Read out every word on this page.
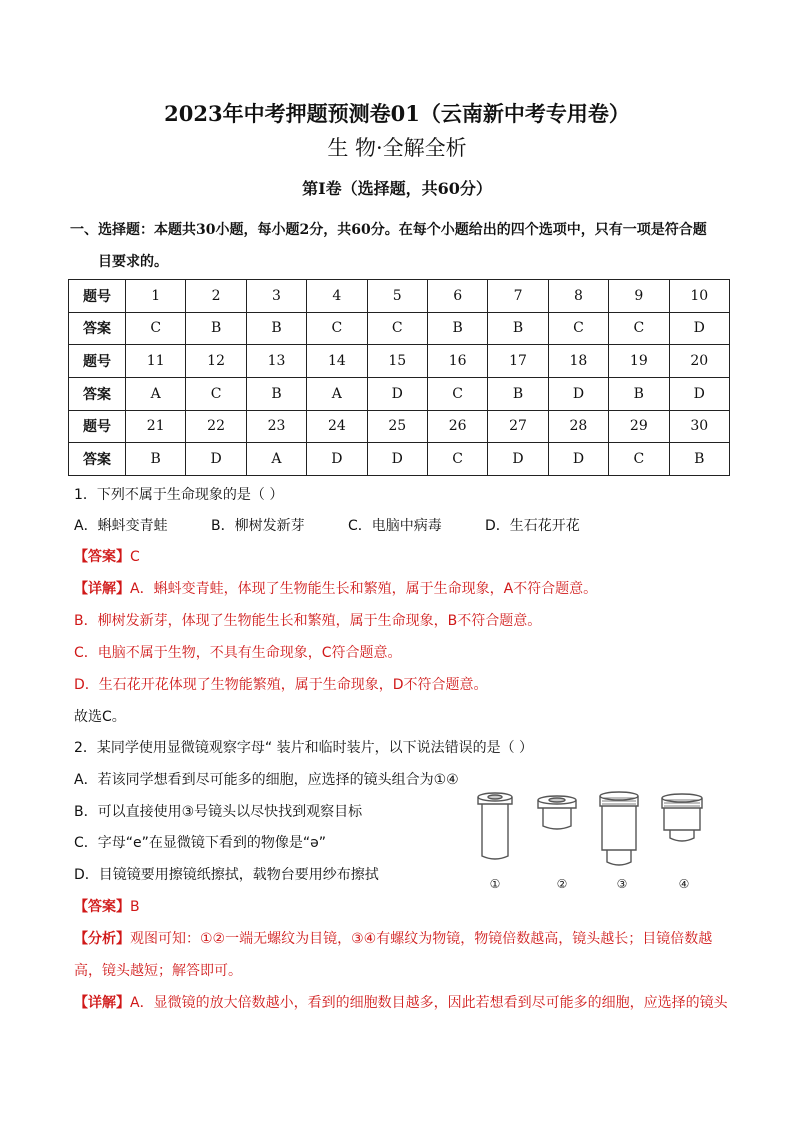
2023年中考押题预测卷01（云南新中考专用卷）
生 物·全解全析
第Ⅰ卷（选择题，共60分）
一、选择题：本题共30小题，每小题2分，共60分。在每个小题给出的四个选项中，只有一项是符合题
目要求的。
题号	1	2	3	4	5	6	7	8	9	10
答案	C	B	B	C	C	B	B	C	C	D
题号	11	12	13	14	15	16	17	18	19	20
答案	A	C	B	A	D	C	B	D	B	D
题号	21	22	23	24	25	26	27	28	29	30
答案	B	D	A	D	D	C	D	D	C	B
1．下列不属于生命现象的是（ ）
A．蝌蚪变青蛙	B．柳树发新芽	C．电脑中病毒	D．生石花开花
【答案】C
【详解】A．蝌蚪变青蛙，体现了生物能生长和繁殖，属于生命现象，A不符合题意。
B．柳树发新芽，体现了生物能生长和繁殖，属于生命现象，B不符合题意。
C．电脑不属于生物，不具有生命现象，C符合题意。
D．生石花开花体现了生物能繁殖，属于生命现象，D不符合题意。
故选C。
2．某同学使用显微镜观察字母“ 装片和临时装片，以下说法错误的是（ ）
A．若该同学想看到尽可能多的细胞，应选择的镜头组合为①④
B．可以直接使用③号镜头以尽快找到观察目标
C．字母“e”在显微镜下看到的物像是“ə”
D．目镜镜要用擦镜纸擦拭，载物台要用纱布擦拭
①	②	③	④
【答案】B
【分析】观图可知：①②一端无螺纹为目镜，③④有螺纹为物镜，物镜倍数越高，镜头越长；目镜倍数越
高，镜头越短；解答即可。
【详解】A．显微镜的放大倍数越小，看到的细胞数目越多，因此若想看到尽可能多的细胞，应选择的镜头
